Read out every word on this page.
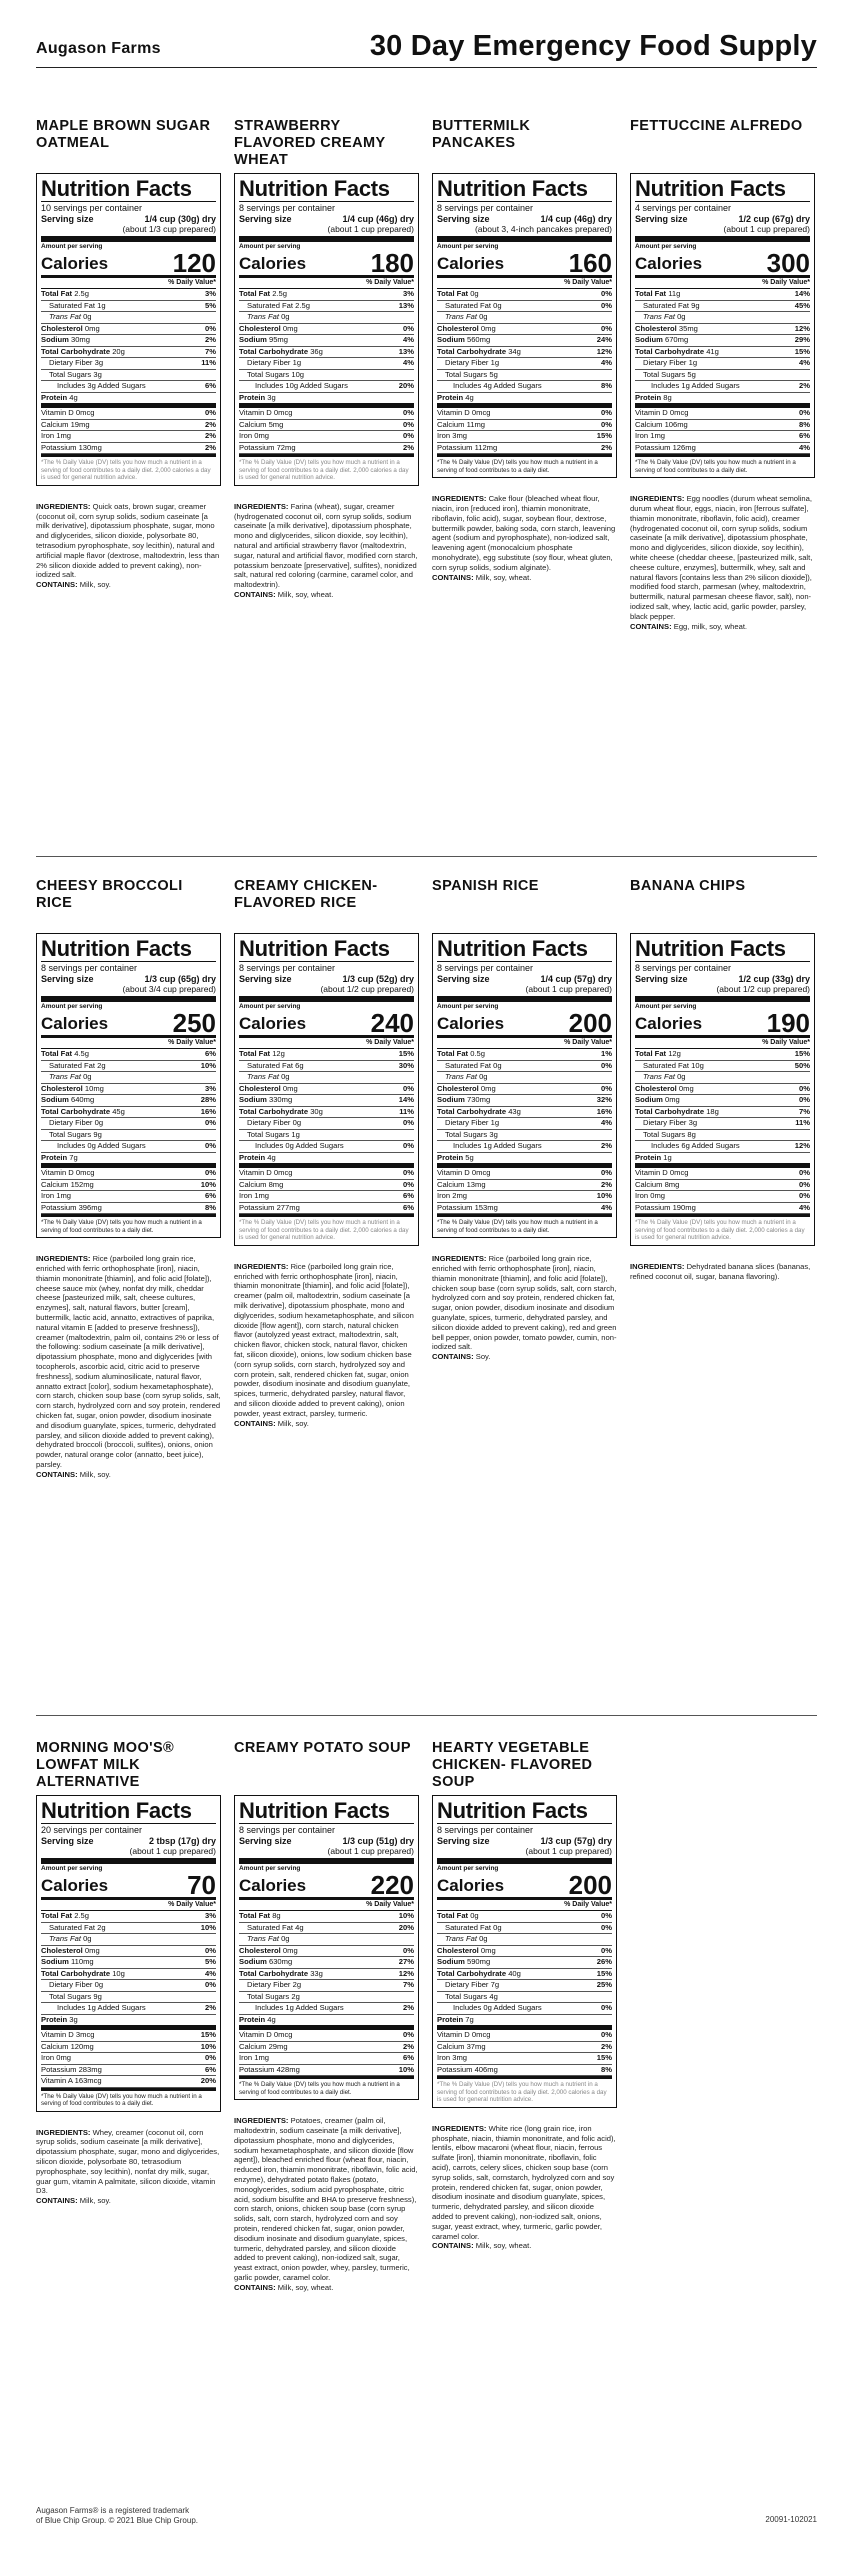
Augason Farms	30 Day Emergency Food Supply
MAPLE BROWN SUGAR OATMEAL
Nutrition Facts
10 servings per container
Serving size	1/4 cup (30g) dry
(about 1/3 cup prepared)
Amount per serving
Calories 120
% Daily Value*
Total Fat 2.5g	3%
Saturated Fat 1g	5%
Trans Fat 0g
Cholesterol 0mg	0%
Sodium 30mg	2%
Total Carbohydrate 20g	7%
Dietary Fiber 3g	11%
Total Sugars 3g
Includes 3g Added Sugars	6%
Protein 4g
Vitamin D 0mcg	0%
Calcium 19mg	2%
Iron 1mg	2%
Potassium 130mg	2%
*The % Daily Value (DV) tells you how much a nutrient in a serving of food contributes to a daily diet. 2,000 calories a day is used for general nutrition advice.
INGREDIENTS: Quick oats, brown sugar, creamer (coconut oil, corn syrup solids, sodium caseinate [a milk derivative], dipotassium phosphate, sugar, mono and diglycerides, silicon dioxide, polysorbate 80, tetrasodium pyrophosphate, soy lecithin), natural and artificial maple flavor (dextrose, maltodextrin, less than 2% silicon dioxide added to prevent caking), non-iodized salt.
CONTAINS: Milk, soy.
STRAWBERRY FLAVORED CREAMY WHEAT
Nutrition Facts
8 servings per container
Serving size	1/4 cup (46g) dry
(about 1 cup prepared)
Amount per serving
Calories 180
% Daily Value*
Total Fat 2.5g	3%
Saturated Fat 2.5g	13%
Trans Fat 0g
Cholesterol 0mg	0%
Sodium 95mg	4%
Total Carbohydrate 36g	13%
Dietary Fiber 1g	4%
Total Sugars 10g
Includes 10g Added Sugars	20%
Protein 3g
Vitamin D 0mcg	0%
Calcium 5mg	0%
Iron 0mg	0%
Potassium 72mg	2%
*The % Daily Value (DV) tells you how much a nutrient in a serving of food contributes to a daily diet. 2,000 calories a day is used for general nutrition advice.
INGREDIENTS: Farina (wheat), sugar, creamer (hydrogenated coconut oil, corn syrup solids, sodium caseinate [a milk derivative], dipotassium phosphate, mono and diglycerides, silicon dioxide, soy lecithin), natural and artificial strawberry flavor (maltodextrin, sugar, natural and artificial flavor, modified corn starch, potassium benzoate [preservative], sulfites), nonidized salt, natural red coloring (carmine, caramel color, and maltodextrin).
CONTAINS: Milk, soy, wheat.
BUTTERMILK PANCAKES
Nutrition Facts
8 servings per container
Serving size	1/4 cup (46g) dry
(about 3, 4-inch pancakes prepared)
Amount per serving
Calories 160
% Daily Value*
Total Fat 0g	0%
Saturated Fat 0g	0%
Trans Fat 0g
Cholesterol 0mg	0%
Sodium 560mg	24%
Total Carbohydrate 34g	12%
Dietary Fiber 1g	4%
Total Sugars 5g
Includes 4g Added Sugars	8%
Protein 4g
Vitamin D 0mcg	0%
Calcium 11mg	0%
Iron 3mg	15%
Potassium 112mg	2%
*The % Daily Value (DV) tells you how much a nutrient in a serving of food contributes to a daily diet.
INGREDIENTS: Cake flour (bleached wheat flour, niacin, iron [reduced iron], thiamin mononitrate, riboflavin, folic acid), sugar, soybean flour, dextrose, buttermilk powder, baking soda, corn starch, leavening agent (sodium and pyrophosphate), non-iodized salt, leavening agent (monocalcium phosphate monohydrate), egg substitute (soy flour, wheat gluten, corn syrup solids, sodium alginate).
CONTAINS: Milk, soy, wheat.
FETTUCCINE ALFREDO
Nutrition Facts
4 servings per container
Serving size	1/2 cup (67g) dry
(about 1 cup prepared)
Amount per serving
Calories 300
% Daily Value*
Total Fat 11g	14%
Saturated Fat 9g	45%
Trans Fat 0g
Cholesterol 35mg	12%
Sodium 670mg	29%
Total Carbohydrate 41g	15%
Dietary Fiber 1g	4%
Total Sugars 5g
Includes 1g Added Sugars	2%
Protein 8g
Vitamin D 0mcg	0%
Calcium 106mg	8%
Iron 1mg	6%
Potassium 126mg	4%
*The % Daily Value (DV) tells you how much a nutrient in a serving of food contributes to a daily diet.
INGREDIENTS: Egg noodles (durum wheat semolina, durum wheat flour, eggs, niacin, iron [ferrous sulfate], thiamin mononitrate, riboflavin, folic acid), creamer (hydrogenated coconut oil, corn syrup solids, sodium caseinate [a milk derivative], dipotassium phosphate, mono and diglycerides, silicon dioxide, soy lecithin), white cheese (cheddar cheese, [pasteurized milk, salt, cheese culture, enzymes], buttermilk, whey, salt and natural flavors [contains less than 2% silicon dioxide]), modified food starch, parmesan (whey, maltodextrin, buttermilk, natural parmesan cheese flavor, salt), non-iodized salt, whey, lactic acid, garlic powder, parsley, black pepper.
CONTAINS: Egg, milk, soy, wheat.
CHEESY BROCCOLI RICE
Nutrition Facts
8 servings per container
Serving size	1/3 cup (65g) dry
(about 3/4 cup prepared)
Amount per serving
Calories 250
% Daily Value*
Total Fat 4.5g	6%
Saturated Fat 2g	10%
Trans Fat 0g
Cholesterol 10mg	3%
Sodium 640mg	28%
Total Carbohydrate 45g	16%
Dietary Fiber 0g	0%
Total Sugars 9g
Includes 0g Added Sugars	0%
Protein 7g
Vitamin D 0mcg	0%
Calcium 152mg	10%
Iron 1mg	6%
Potassium 396mg	8%
*The % Daily Value (DV) tells you how much a nutrient in a serving of food contributes to a daily diet.
INGREDIENTS: Rice (parboiled long grain rice, enriched with ferric orthophosphate [iron], niacin, thiamin mononitrate [thiamin], and folic acid [folate]), cheese sauce mix (whey, nonfat dry milk, cheddar cheese [pasteurized milk, salt, cheese cultures, enzymes], salt, natural flavors, butter [cream], buttermilk, lactic acid, annatto, extractives of paprika, natural vitamin E [added to preserve freshness]), creamer (maltodextrin, palm oil, contains 2% or less of the following: sodium caseinate [a milk derivative], dipotassium phosphate, mono and diglycerides [with tocopherols, ascorbic acid, citric acid to preserve freshness], sodium aluminosilicate, natural flavor, annatto extract [color], sodium hexametaphosphate), corn starch, chicken soup base (corn syrup solids, salt, corn starch, hydrolyzed corn and soy protein, rendered chicken fat, sugar, onion powder, disodium inosinate and disodium guanylate, spices, turmeric, dehydrated parsley, and silicon dioxide added to prevent caking), dehydrated broccoli (broccoli, sulfites), onions, onion powder, natural orange color (annatto, beet juice), parsley.
CONTAINS: Milk, soy.
CREAMY CHICKEN-FLAVORED RICE
Nutrition Facts
8 servings per container
Serving size	1/3 cup (52g) dry
(about 1/2 cup prepared)
Amount per serving
Calories 240
% Daily Value*
Total Fat 12g	15%
Saturated Fat 6g	30%
Trans Fat 0g
Cholesterol 0mg	0%
Sodium 330mg	14%
Total Carbohydrate 30g	11%
Dietary Fiber 0g	0%
Total Sugars 1g
Includes 0g Added Sugars	0%
Protein 4g
Vitamin D 0mcg	0%
Calcium 8mg	0%
Iron 1mg	6%
Potassium 277mg	6%
*The % Daily Value (DV) tells you how much a nutrient in a serving of food contributes to a daily diet. 2,000 calories a day is used for general nutrition advice.
INGREDIENTS: Rice (parboiled long grain rice, enriched with ferric orthophosphate [iron], niacin, thiamin mononitrate [thiamin], and folic acid [folate]), creamer (palm oil, maltodextrin, sodium caseinate [a milk derivative], dipotassium phosphate, mono and diglycerides, sodium hexametaphosphate, and silicon dioxide [flow agent]), corn starch, natural chicken flavor (autolyzed yeast extract, maltodextrin, salt, chicken flavor, chicken stock, natural flavor, chicken fat, silicon dioxide), onions, low sodium chicken base (corn syrup solids, corn starch, hydrolyzed soy and corn protein, salt, rendered chicken fat, sugar, onion powder, disodium inosinate and disodium guanylate, spices, turmeric, dehydrated parsley, natural flavor, and silicon dioxide added to prevent caking), onion powder, yeast extract, parsley, turmeric.
CONTAINS: Milk, soy.
SPANISH RICE
Nutrition Facts
8 servings per container
Serving size	1/4 cup (57g) dry
(about 1 cup prepared)
Amount per serving
Calories 200
% Daily Value*
Total Fat 0.5g	1%
Saturated Fat 0g	0%
Trans Fat 0g
Cholesterol 0mg	0%
Sodium 730mg	32%
Total Carbohydrate 43g	16%
Dietary Fiber 1g	4%
Total Sugars 3g
Includes 1g Added Sugars	2%
Protein 5g
Vitamin D 0mcg	0%
Calcium 13mg	2%
Iron 2mg	10%
Potassium 153mg	4%
*The % Daily Value (DV) tells you how much a nutrient in a serving of food contributes to a daily diet.
INGREDIENTS: Rice (parboiled long grain rice, enriched with ferric orthophosphate [iron], niacin, thiamin mononitrate [thiamin], and folic acid [folate]), chicken soup base (corn syrup solids, salt, corn starch, hydrolyzed corn and soy protein, rendered chicken fat, sugar, onion powder, disodium inosinate and disodium guanylate, spices, turmeric, dehydrated parsley, and silicon dioxide added to prevent caking), red and green bell pepper, onion powder, tomato powder, cumin, non-iodized salt.
CONTAINS: Soy.
BANANA CHIPS
Nutrition Facts
8 servings per container
Serving size	1/2 cup (33g) dry
(about 1/2 cup prepared)
Amount per serving
Calories 190
% Daily Value*
Total Fat 12g	15%
Saturated Fat 10g	50%
Trans Fat 0g
Cholesterol 0mg	0%
Sodium 0mg	0%
Total Carbohydrate 18g	7%
Dietary Fiber 3g	11%
Total Sugars 8g
Includes 6g Added Sugars	12%
Protein 1g
Vitamin D 0mcg	0%
Calcium 8mg	0%
Iron 0mg	0%
Potassium 190mg	4%
*The % Daily Value (DV) tells you how much a nutrient in a serving of food contributes to a daily diet. 2,000 calories a day is used for general nutrition advice.
INGREDIENTS: Dehydrated banana slices (bananas, refined coconut oil, sugar, banana flavoring).
MORNING MOO'S® LOWFAT MILK ALTERNATIVE
Nutrition Facts
20 servings per container
Serving size	2 tbsp (17g) dry
(about 1 cup prepared)
Amount per serving
Calories	70
% Daily Value*
Total Fat 2.5g	3%
Saturated Fat 2g	10%
Trans Fat 0g
Cholesterol 0mg	0%
Sodium 110mg	5%
Total Carbohydrate 10g	4%
Dietary Fiber 0g	0%
Total Sugars 9g
Includes 1g Added Sugars	2%
Protein 3g
Vitamin D 3mcg	15%
Calcium 120mg	10%
Iron 0mg	0%
Potassium 283mg	6%
Vitamin A 163mcg	20%
*The % Daily Value (DV) tells you how much a nutrient in a serving of food contributes to a daily diet.
INGREDIENTS: Whey, creamer (coconut oil, corn syrup solids, sodium caseinate [a milk derivative], dipotassium phosphate, sugar, mono and diglycerides, silicon dioxide, polysorbate 80, tetrasodium pyrophosphate, soy lecithin), nonfat dry milk, sugar, guar gum, vitamin A palmitate, silicon dioxide, vitamin D3.
CONTAINS: Milk, soy.
CREAMY POTATO SOUP
Nutrition Facts
8 servings per container
Serving size	1/3 cup (51g) dry
(about 1 cup prepared)
Amount per serving
Calories 220
% Daily Value*
Total Fat 8g	10%
Saturated Fat 4g	20%
Trans Fat 0g
Cholesterol 0mg	0%
Sodium 630mg	27%
Total Carbohydrate 33g	12%
Dietary Fiber 2g	7%
Total Sugars 2g
Includes 1g Added Sugars	2%
Protein 4g
Vitamin D 0mcg	0%
Calcium 29mg	2%
Iron 1mg	6%
Potassium 428mg	10%
*The % Daily Value (DV) tells you how much a nutrient in a serving of food contributes to a daily diet.
INGREDIENTS: Potatoes, creamer (palm oil, maltodextrin, sodium caseinate [a milk derivative], dipotassium phosphate, mono and diglycerides, sodium hexametaphosphate, and silicon dioxide [flow agent]), bleached enriched flour (wheat flour, niacin, reduced iron, thiamin mononitrate, riboflavin, folic acid, enzyme), dehydrated potato flakes (potato, monoglycerides, sodium acid pyrophosphate, citric acid, sodium bisulfite and BHA to preserve freshness), corn starch, onions, chicken soup base (corn syrup solids, salt, corn starch, hydrolyzed corn and soy protein, rendered chicken fat, sugar, onion powder, disodium inosinate and disodium guanylate, spices, turmeric, dehydrated parsley, and silicon dioxide added to prevent caking), non-iodized salt, sugar, yeast extract, onion powder, whey, parsley, turmeric, garlic powder, caramel color.
CONTAINS: Milk, soy, wheat.
HEARTY VEGETABLE CHICKEN- FLAVORED SOUP
Nutrition Facts
8 servings per container
Serving size	1/3 cup (57g) dry
(about 1 cup prepared)
Amount per serving
Calories 200
% Daily Value*
Total Fat 0g	0%
Saturated Fat 0g	0%
Trans Fat 0g
Cholesterol 0mg	0%
Sodium 590mg	26%
Total Carbohydrate 40g	15%
Dietary Fiber 7g	25%
Total Sugars 4g
Includes 0g Added Sugars	0%
Protein 7g
Vitamin D 0mcg	0%
Calcium 37mg	2%
Iron 3mg	15%
Potassium 406mg	8%
*The % Daily Value (DV) tells you how much a nutrient in a serving of food contributes to a daily diet. 2,000 calories a day is used for general nutrition advice.
INGREDIENTS: White rice (long grain rice, iron phosphate, niacin, thiamin mononitrate, and folic acid), lentils, elbow macaroni (wheat flour, niacin, ferrous sulfate [iron], thiamin mononitrate, riboflavin, folic acid), carrots, celery slices, chicken soup base (corn syrup solids, salt, cornstarch, hydrolyzed corn and soy protein, rendered chicken fat, sugar, onion powder, disodium inosinate and disodium guanylate, spices, turmeric, dehydrated parsley, and silicon dioxide added to prevent caking), non-iodized salt, onions, sugar, yeast extract, whey, turmeric, garlic powder, caramel color.
CONTAINS: Milk, soy, wheat.
Augason Farms® is a registered trademark
of Blue Chip Group. © 2021 Blue Chip Group.	20091-102021
